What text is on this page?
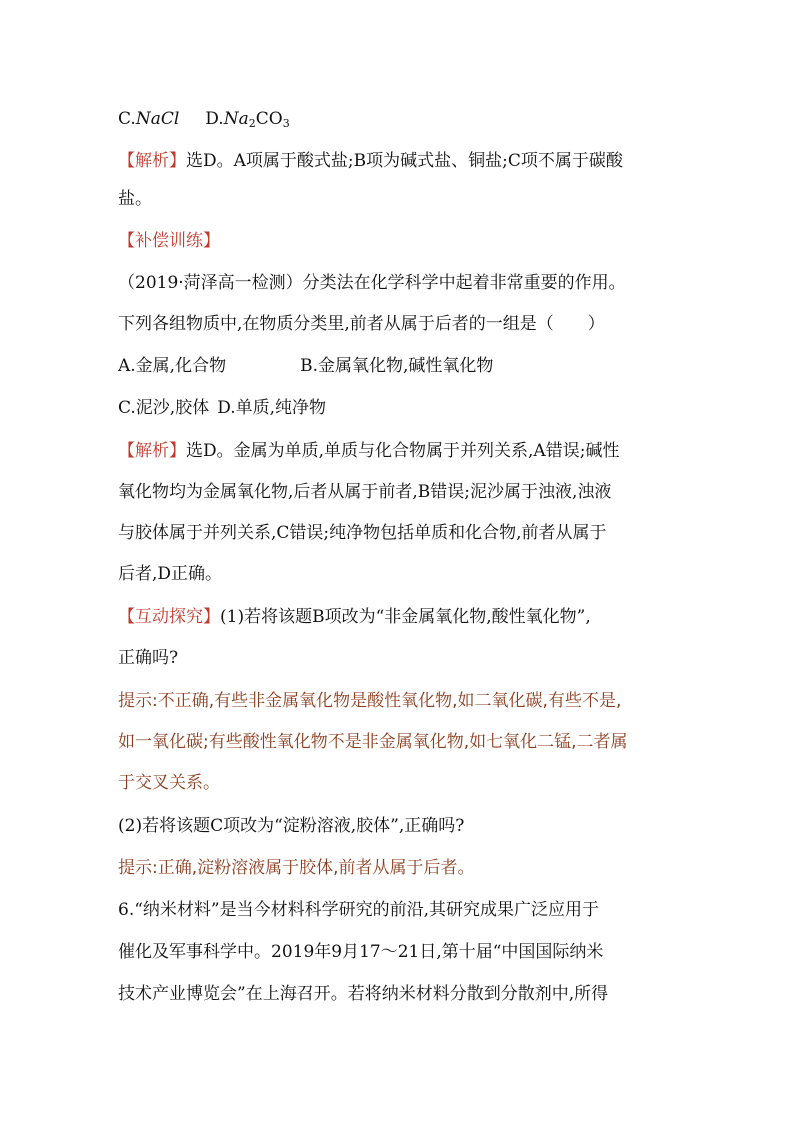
C.NaCl $D.Na_2CO_3$
【解析】选D。A项属于酸式盐;B项为碱式盐、铜盐;C项不属于碳酸
盐。
【补偿训练】
（2019·菏泽高一检测）分类法在化学科学中起着非常重要的作用。
下列各组物质中,在物质分类里,前者从属于后者的一组是（　　）
A.金属,化合物	B.金属氧化物,碱性氧化物
C.泥沙,胶体 D.单质,纯净物
【解析】选D。金属为单质,单质与化合物属于并列关系,A错误;碱性
氧化物均为金属氧化物,后者从属于前者,B错误;泥沙属于浊液,浊液
与胶体属于并列关系,C错误;纯净物包括单质和化合物,前者从属于
后者,D正确。
【互动探究】(1)若将该题B项改为“非金属氧化物,酸性氧化物”,
正确吗?
提示:不正确,有些非金属氧化物是酸性氧化物,如二氧化碳,有些不是,
如一氧化碳;有些酸性氧化物不是非金属氧化物,如七氧化二锰,二者属
于交叉关系。
(2)若将该题C项改为“淀粉溶液,胶体”,正确吗?
提示:正确,淀粉溶液属于胶体,前者从属于后者。
6.“纳米材料”是当今材料科学研究的前沿,其研究成果广泛应用于
催化及军事科学中。2019年9月17～21日,第十届“中国国际纳米
技术产业博览会”在上海召开。若将纳米材料分散到分散剂中,所得
